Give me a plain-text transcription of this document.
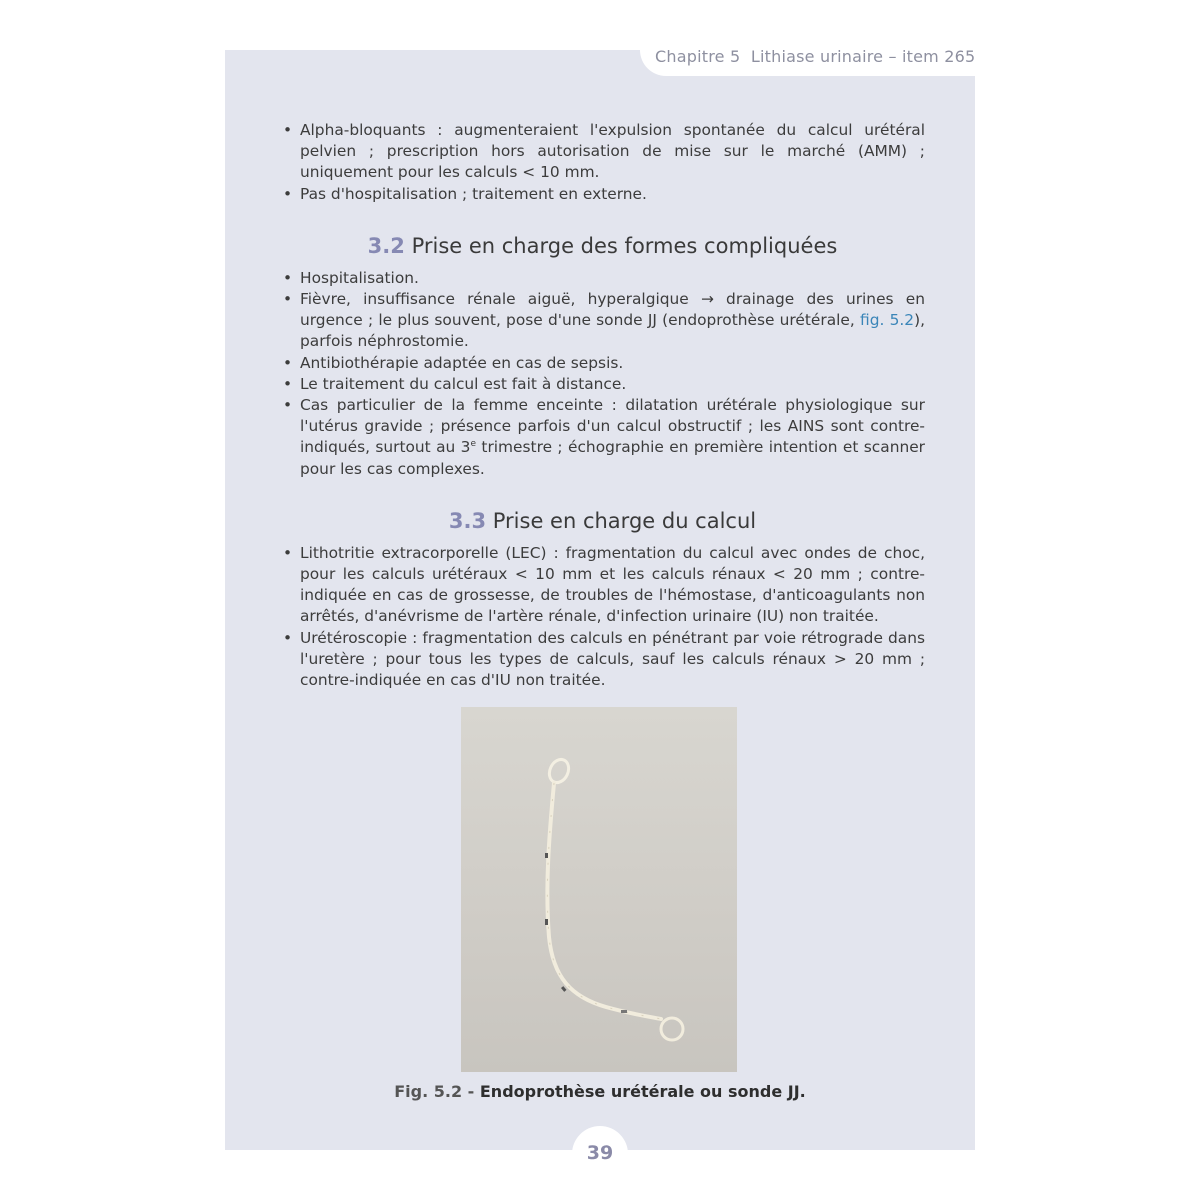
Chapitre 5 Lithiase urinaire – item 265
• Alpha-bloquants : augmenteraient l'expulsion spontanée du calcul urétéral pelvien ; prescription hors autorisation de mise sur le marché (AMM) ; uniquement pour les calculs < 10 mm.
• Pas d'hospitalisation ; traitement en externe.
3.2 Prise en charge des formes compliquées
• Hospitalisation.
• Fièvre, insuffisance rénale aiguë, hyperalgique → drainage des urines en urgence ; le plus souvent, pose d'une sonde JJ (endoprothèse urétérale, fig. 5.2), parfois néphrostomie.
• Antibiothérapie adaptée en cas de sepsis.
• Le traitement du calcul est fait à distance.
• Cas particulier de la femme enceinte : dilatation urétérale physiologique sur l'utérus gravide ; présence parfois d'un calcul obstructif ; les AINS sont contre-indiqués, surtout au 3e trimestre ; échographie en première intention et scanner pour les cas complexes.
3.3 Prise en charge du calcul
• Lithotritie extracorporelle (LEC) : fragmentation du calcul avec ondes de choc, pour les calculs urétéraux < 10 mm et les calculs rénaux < 20 mm ; contre-indiquée en cas de grossesse, de troubles de l'hémostase, d'anticoagulants non arrêtés, d'anévrisme de l'artère rénale, d'infection urinaire (IU) non traitée.
• Urétéroscopie : fragmentation des calculs en pénétrant par voie rétrograde dans l'uretère ; pour tous les types de calculs, sauf les calculs rénaux > 20 mm ; contre-indiquée en cas d'IU non traitée.
Fig. 5.2 - Endoprothèse urétérale ou sonde JJ.
39
